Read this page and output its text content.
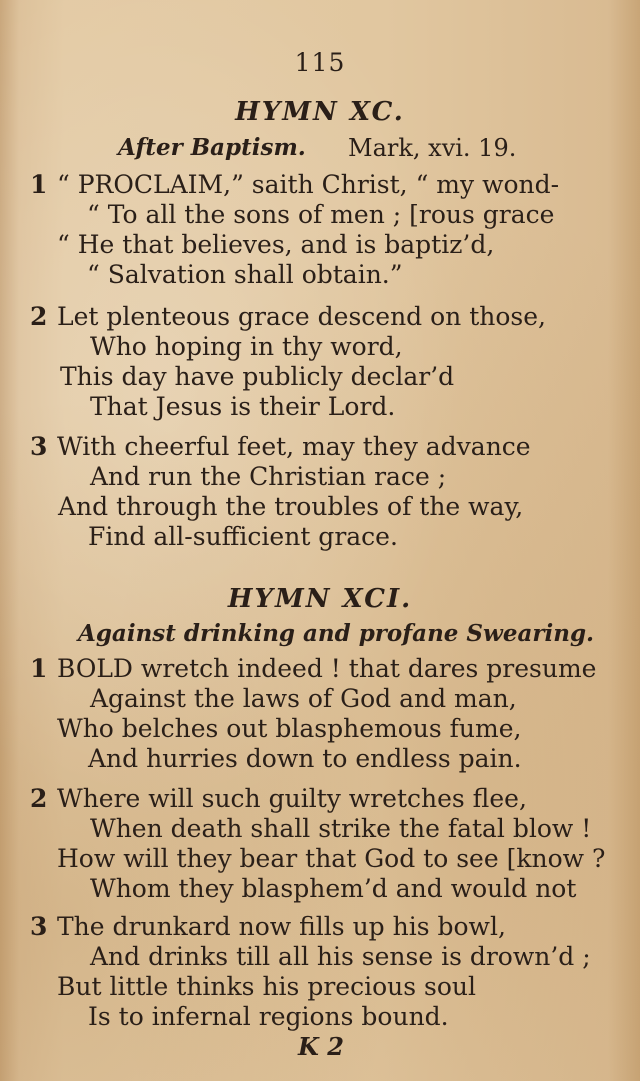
115
HYMN XC.
After Baptism. Mark, xvi. 19.
1 “ PROCLAIM,” saith Christ, “ my wond-
“ To all the sons of men ; [rous grace
“ He that believes, and is baptiz’d,
“ Salvation shall obtain.”
2 Let plenteous grace descend on those,
Who hoping in thy word,
This day have publicly declar’d
That Jesus is their Lord.
3 With cheerful feet, may they advance
And run the Christian race ;
And through the troubles of the way,
Find all-sufficient grace.
HYMN XCI.
Against drinking and profane Swearing.
1 BOLD wretch indeed ! that dares presume
Against the laws of God and man,
Who belches out blasphemous fume,
And hurries down to endless pain.
2 Where will such guilty wretches flee,
When death shall strike the fatal blow !
How will they bear that God to see [know ?
Whom they blasphem’d and would not
3 The drunkard now fills up his bowl,
And drinks till all his sense is drown’d ;
But little thinks his precious soul
Is to infernal regions bound.
K 2
